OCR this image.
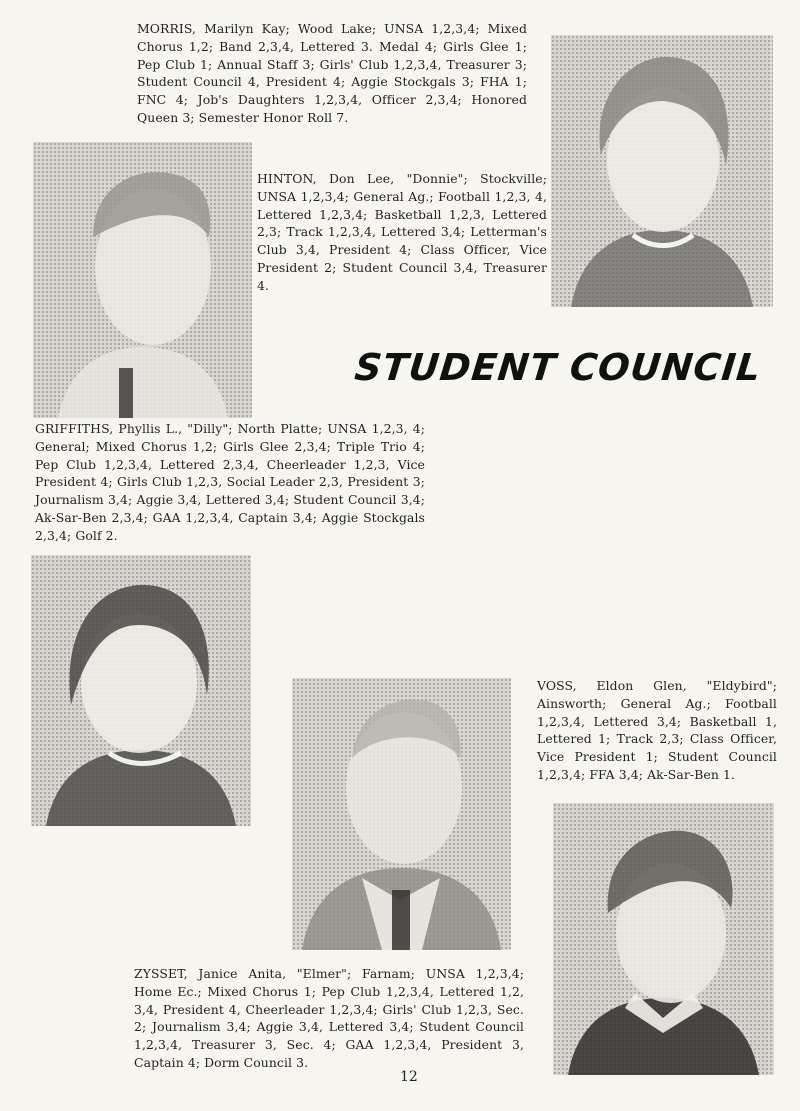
MORRIS, Marilyn Kay; Wood Lake; UNSA 1,2,3,4; Mixed Chorus 1,2; Band 2,3,4, Lettered 3. Medal 4; Girls Glee 1; Pep Club 1; Annual Staff 3; Girls' Club 1,2,3,4, Treasurer 3; Student Council 4, President 4; Aggie Stockgals 3; FHA 1; FNC 4; Job's Daughters 1,2,3,4, Officer 2,3,4; Honored Queen 3; Semester Honor Roll 7.

HINTON, Don Lee, "Donnie"; Stockville; UNSA 1,2,3,4; General Ag.; Football 1,2,3, 4, Lettered 1,2,3,4; Basketball 1,2,3, Lettered 2,3; Track 1,2,3,4, Lettered 3,4; Letterman's Club 3,4, President 4; Class Officer, Vice President 2; Student Council 3,4, Treasurer 4.

GRIFFITHS, Phyllis L., "Dilly"; North Platte; UNSA 1,2,3, 4; General; Mixed Chorus 1,2; Girls Glee 2,3,4; Triple Trio 4; Pep Club 1,2,3,4, Lettered 2,3,4, Cheerleader 1,2,3, Vice President 4; Girls Club 1,2,3, Social Leader 2,3, President 3; Journalism 3,4; Aggie 3,4, Lettered 3,4; Student Council 3,4; Ak-Sar-Ben 2,3,4; GAA 1,2,3,4, Captain 3,4; Aggie Stockgals 2,3,4; Golf 2.

VOSS, Eldon Glen, "Eldybird"; Ainsworth; General Ag.; Football 1,2,3,4, Lettered 3,4; Basketball 1, Lettered 1; Track 2,3; Class Officer, Vice President 1; Student Council 1,2,3,4; FFA 3,4; Ak-Sar-Ben 1.

ZYSSET, Janice Anita, "Elmer"; Farnam; UNSA 1,2,3,4; Home Ec.; Mixed Chorus 1; Pep Club 1,2,3,4, Lettered 1,2, 3,4, President 4, Cheerleader 1,2,3,4; Girls' Club 1,2,3, Sec. 2; Journalism 3,4; Aggie 3,4, Lettered 3,4; Student Council 1,2,3,4, Treasurer 3, Sec. 4; GAA 1,2,3,4, President 3, Captain 4; Dorm Council 3.

STUDENT COUNCIL

12
